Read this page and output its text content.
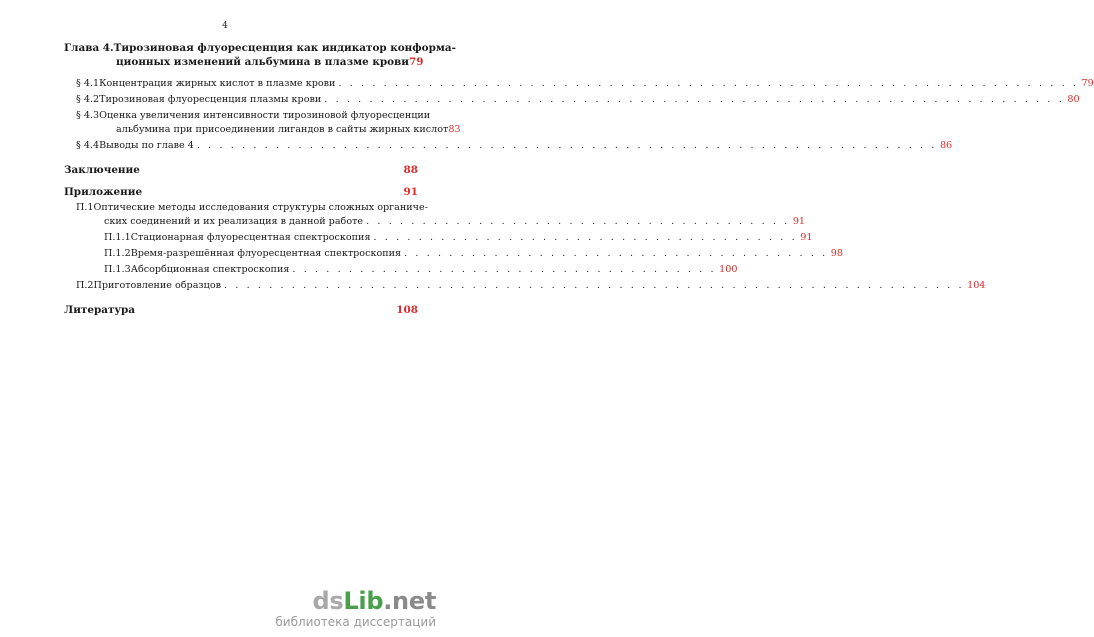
4
Глава 4. Тирозиновая флуоресценция как индикатор конформа-
ционных изменений альбумина в плазме крови 79
§ 4.1 Концентрация жирных кислот в плазме крови . . . . . . . . . . . . . . . . . . . . . . . . . . . . . . . . . . . . . . . . . . . . . . . . . . . . . . . . . . . . . . . . . . 79
§ 4.2 Тирозиновая флуоресценция плазмы крови . . . . . . . . . . . . . . . . . . . . . . . . . . . . . . . . . . . . . . . . . . . . . . . . . . . . . . . . . . . . . . . . . . 80
§ 4.3 Оценка увеличения интенсивности тирозиновой флуоресценции
альбумина при присоединении лигандов в сайты жирных кислот 83
§ 4.4 Выводы по главе 4 . . . . . . . . . . . . . . . . . . . . . . . . . . . . . . . . . . . . . . . . . . . . . . . . . . . . . . . . . . . . . . . . . . 86
Заключение	88
Приложение	91
П.1 Оптические методы исследования структуры сложных органиче-
ских соединений и их реализация в данной работе . . . . . . . . . . . . . . . . . . . . . . . . . . . . . . . . . . . . . . 91
П.1.1 Стационарная флуоресцентная спектроскопия . . . . . . . . . . . . . . . . . . . . . . . . . . . . . . . . . . . . . . 91
П.1.2 Время-разрешённая флуоресцентная спектроскопия . . . . . . . . . . . . . . . . . . . . . . . . . . . . . . . . . . . . . . 98
П.1.3 Абсорбционная спектроскопия . . . . . . . . . . . . . . . . . . . . . . . . . . . . . . . . . . . . . . 100
П.2 Приготовление образцов . . . . . . . . . . . . . . . . . . . . . . . . . . . . . . . . . . . . . . . . . . . . . . . . . . . . . . . . . . . . . . . . . . 104
Литература	108
dsLib.net
библиотека диссертаций
